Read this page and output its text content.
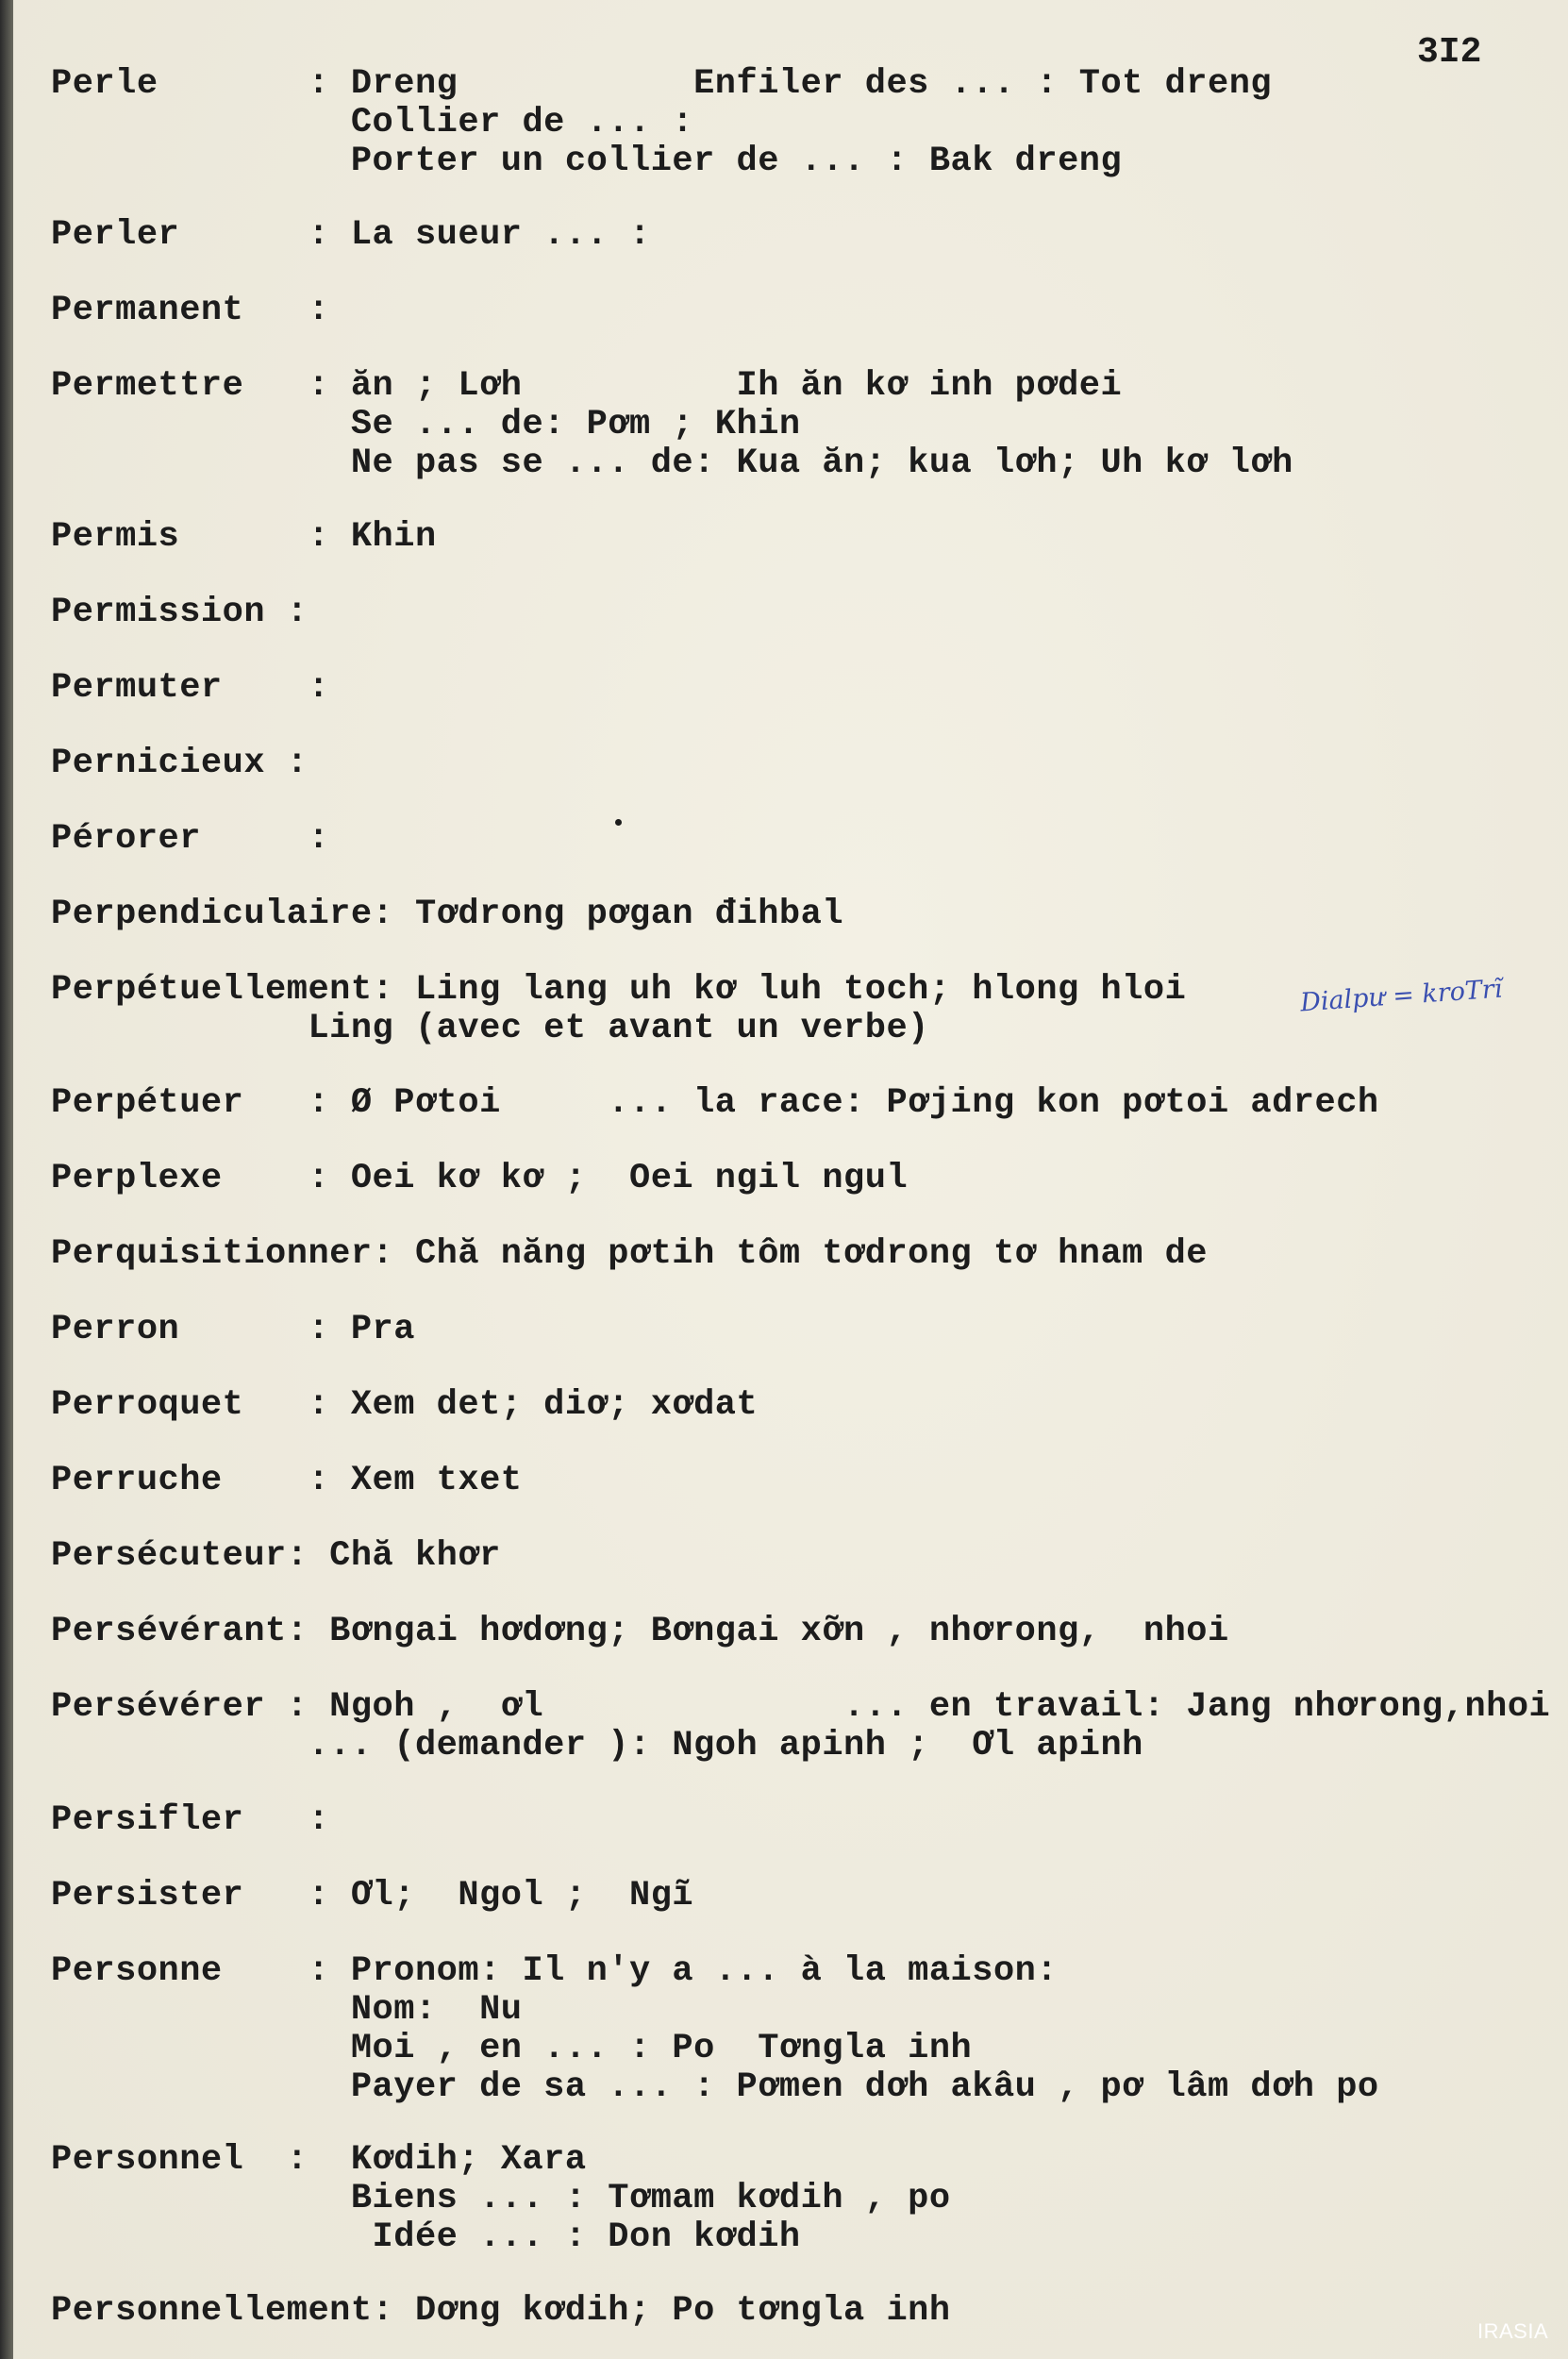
3I2
Perle       : Dreng           Enfiler des ... : Tot dreng
Collier de ... :
Porter un collier de ... : Bak dreng
Perler      : La sueur ... :
Permanent   :
Permettre   : ăn ; Lơh          Ih ăn kơ inh pơdei
Se ... de: Pơm ; Khin
Ne pas se ... de: Kua ăn; kua lơh; Uh kơ lơh
Permis      : Khin
Permission :
Permuter    :
Pernicieux :
Pérorer     :
Perpendiculaire: Tơdrong pơgan đihbal
Perpétuellement: Ling lang uh kơ luh toch; hlong hloi
Ling (avec et avant un verbe)
Perpétuer   : Ø Pơtoi     ... la race: Pơjing kon pơtoi adrech
Perplexe    : Oei kơ kơ ;  Oei ngil ngul
Perquisitionner: Chă năng pơtih tôm tơdrong tơ hnam de
Perron      : Pra
Perroquet   : Xem det; diơ; xơdat
Perruche    : Xem txet
Persécuteur: Chă khơr
Persévérant: Bơngai hơdơng; Bơngai xỡn , nhơrong,  nhoi
Persévérer : Ngoh ,  ơl              ... en travail: Jang nhơrong,nhoi
... (demander ): Ngoh apinh ;  Ơl apinh
Persifler   :
Persister   : Ơl;  Ngol ;  Ngĩ
Personne    : Pronom: Il n'y a ... à la maison:
Nom:  Nu
Moi , en ... : Po  Tơngla inh
Payer de sa ... : Pơmen dơh akâu , pơ lâm dơh po
Personnel  :  Kơdih; Xara
Biens ... : Tơmam kơdih , po
Idée ... : Don kơdih
Personnellement: Dơng kơdih; Po tơngla inh
Dialpư = kroTrĩ
IRASIA
